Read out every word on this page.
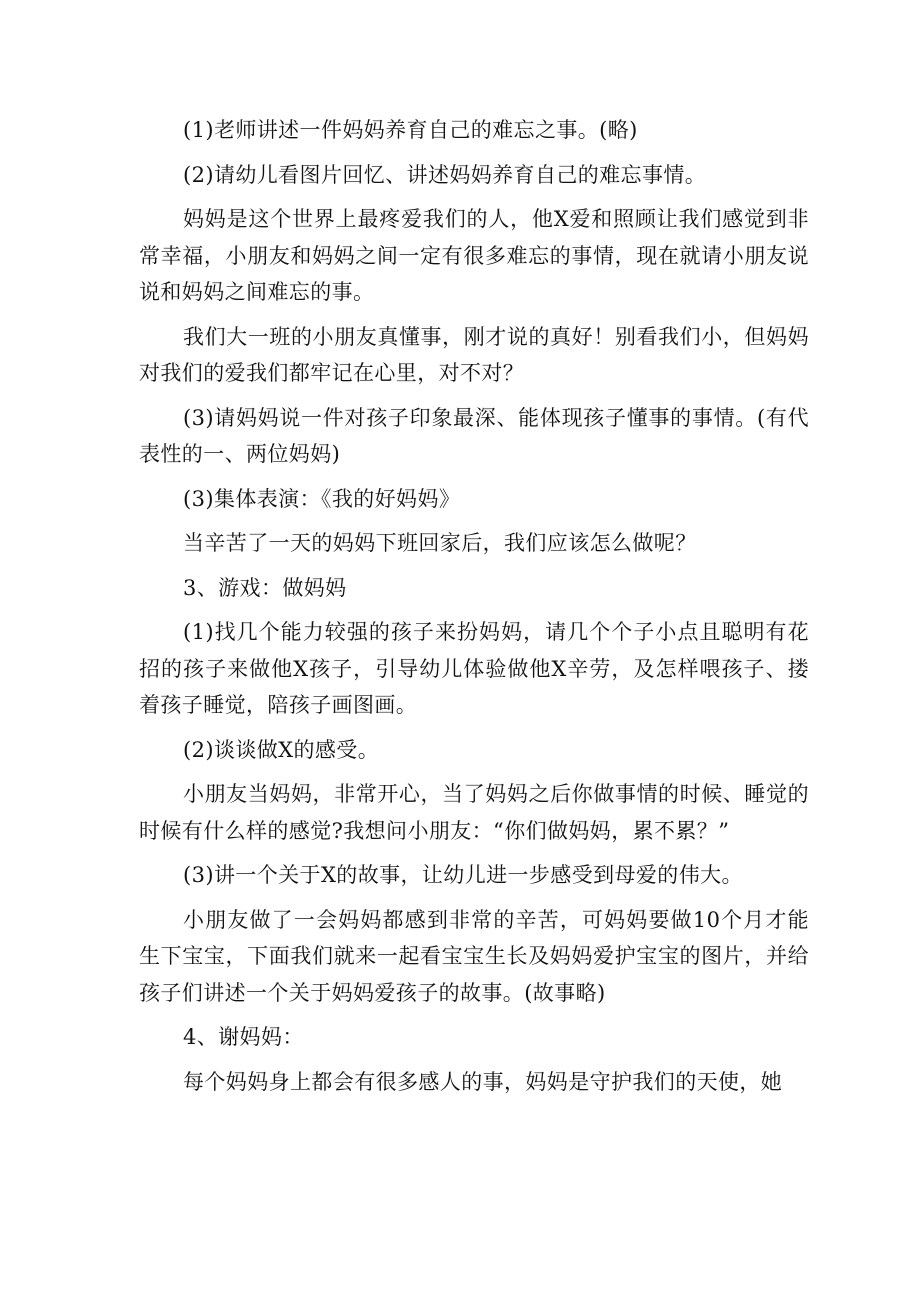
(1)老师讲述一件妈妈养育自己的难忘之事。(略)

(2)请幼儿看图片回忆、讲述妈妈养育自己的难忘事情。

妈妈是这个世界上最疼爱我们的人，他X爱和照顾让我们感觉到非常幸福，小朋友和妈妈之间一定有很多难忘的事情，现在就请小朋友说说和妈妈之间难忘的事。

我们大一班的小朋友真懂事，刚才说的真好！别看我们小，但妈妈对我们的爱我们都牢记在心里，对不对？

(3)请妈妈说一件对孩子印象最深、能体现孩子懂事的事情。(有代表性的一、两位妈妈)

(3)集体表演：《我的好妈妈》

当辛苦了一天的妈妈下班回家后，我们应该怎么做呢？

3、游戏：做妈妈

(1)找几个能力较强的孩子来扮妈妈，请几个个子小点且聪明有花招的孩子来做他X孩子，引导幼儿体验做他X辛劳，及怎样喂孩子、搂着孩子睡觉，陪孩子画图画。

(2)谈谈做X的感受。

小朋友当妈妈，非常开心，当了妈妈之后你做事情的时候、睡觉的时候有什么样的感觉?我想问小朋友：“你们做妈妈，累不累？”

(3)讲一个关于X的故事，让幼儿进一步感受到母爱的伟大。

小朋友做了一会妈妈都感到非常的辛苦，可妈妈要做10个月才能生下宝宝，下面我们就来一起看宝宝生长及妈妈爱护宝宝的图片，并给孩子们讲述一个关于妈妈爱孩子的故事。(故事略)

4、谢妈妈：

每个妈妈身上都会有很多感人的事，妈妈是守护我们的天使，她
